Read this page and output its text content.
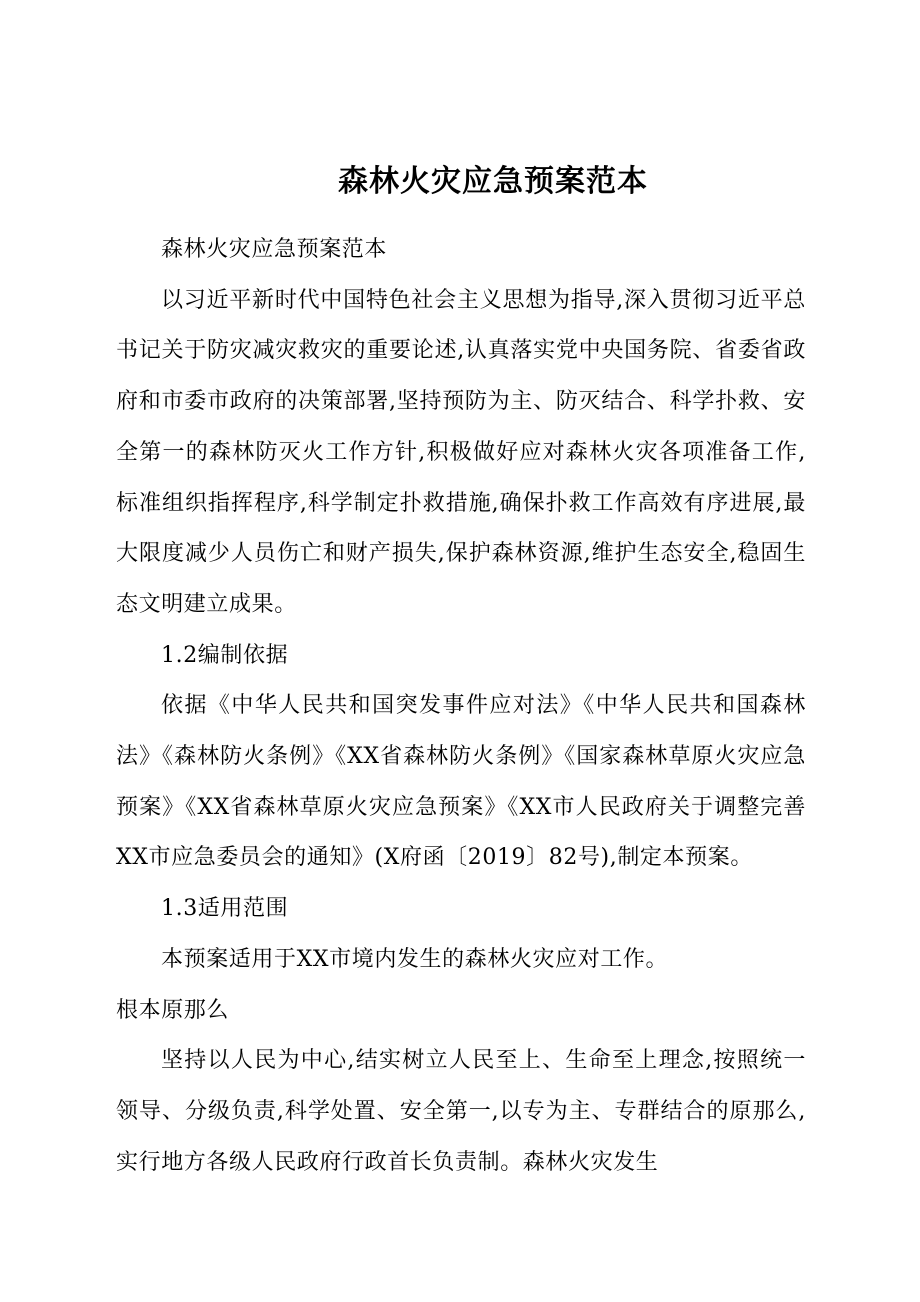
森林火灾应急预案范本

森林火灾应急预案范本

以习近平新时代中国特色社会主义思想为指导,深入贯彻习近平总书记关于防灾减灾救灾的重要论述,认真落实党中央国务院、省委省政府和市委市政府的决策部署,坚持预防为主、防灭结合、科学扑救、安全第一的森林防灭火工作方针,积极做好应对森林火灾各项准备工作,标准组织指挥程序,科学制定扑救措施,确保扑救工作高效有序进展,最大限度减少人员伤亡和财产损失,保护森林资源,维护生态安全,稳固生态文明建立成果。

1.2编制依据

依据《中华人民共和国突发事件应对法》《中华人民共和国森林法》《森林防火条例》《XX省森林防火条例》《国家森林草原火灾应急预案》《XX省森林草原火灾应急预案》《XX市人民政府关于调整完善XX市应急委员会的通知》(X府函〔2019〕82号),制定本预案。

1.3适用范围

本预案适用于XX市境内发生的森林火灾应对工作。

根本原那么

坚持以人民为中心,结实树立人民至上、生命至上理念,按照统一领导、分级负责,科学处置、安全第一,以专为主、专群结合的原那么,实行地方各级人民政府行政首长负责制。森林火灾发生
